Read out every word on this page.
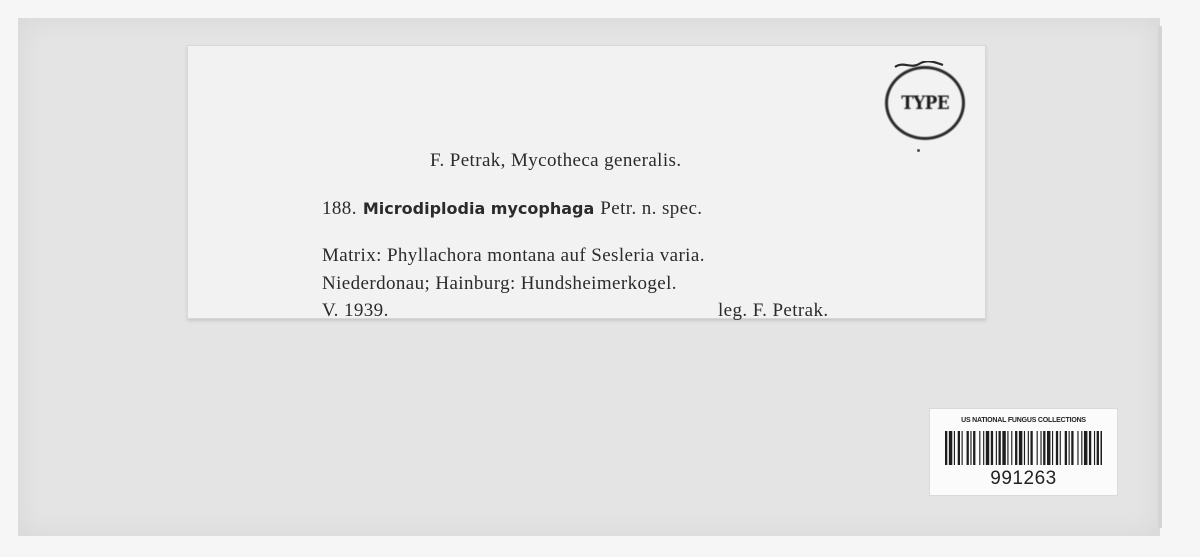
F. Petrak, Mycotheca generalis.
188. Microdiplodia mycophaga Petr. n. spec.
Matrix: Phyllachora montana auf Sesleria varia.
Niederdonau; Hainburg: Hundsheimerkogel.
V. 1939.	leg. F. Petrak.
TYPE
US NATIONAL FUNGUS COLLECTIONS
991263
